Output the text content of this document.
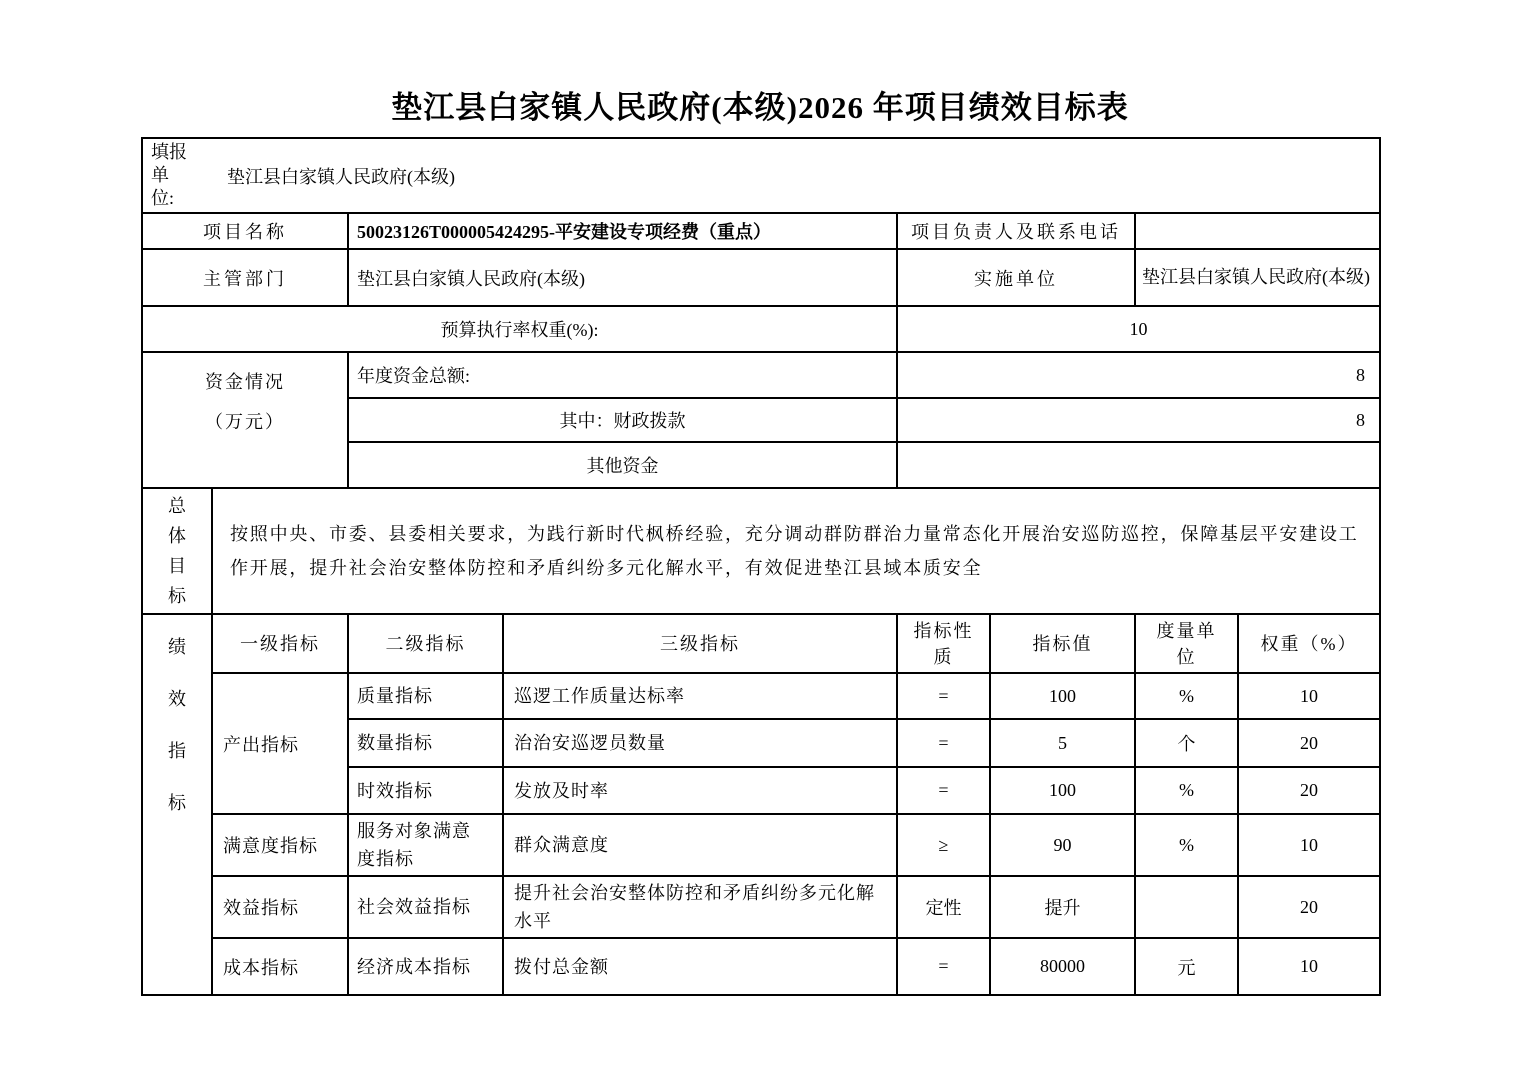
垫江县白家镇人民政府(本级)2026 年项目绩效目标表
填报单位:
垫江县白家镇人民政府(本级)							

项目名称		50023126T000005424295-平安建设专项经费（重点）		项目负责人及联系电话			
主管部门		垫江县白家镇人民政府(本级)		实施单位		垫江县白家镇人民政府(本级)	
预算执行率权重(%):				10			

资金情况
（万元）		年度资金总额:		8			
		其中：财政拨款		8			
		其他资金					

总体目标	按照中央、市委、县委相关要求，为践行新时代枫桥经验，充分调动群防群治力量常态化开展治安巡防巡控，保障基层平安建设工作开展，提升社会治安整体防控和矛盾纠纷多元化解水平，有效促进垫江县域本质安全						

绩效指标	一级指标	二级指标	三级指标	指标性质	指标值	度量单位	权重（%）
	产出指标	质量指标	巡逻工作质量达标率	=	100	%	10
		数量指标	治治安巡逻员数量	=	5	个	20
		时效指标	发放及时率	=	100	%	20
	满意度指标	服务对象满意度指标	群众满意度	≥	90	%	10
	效益指标	社会效益指标	提升社会治安整体防控和矛盾纠纷多元化解水平	定性	提升		20
	成本指标	经济成本指标	拨付总金额	=	80000	元	10
